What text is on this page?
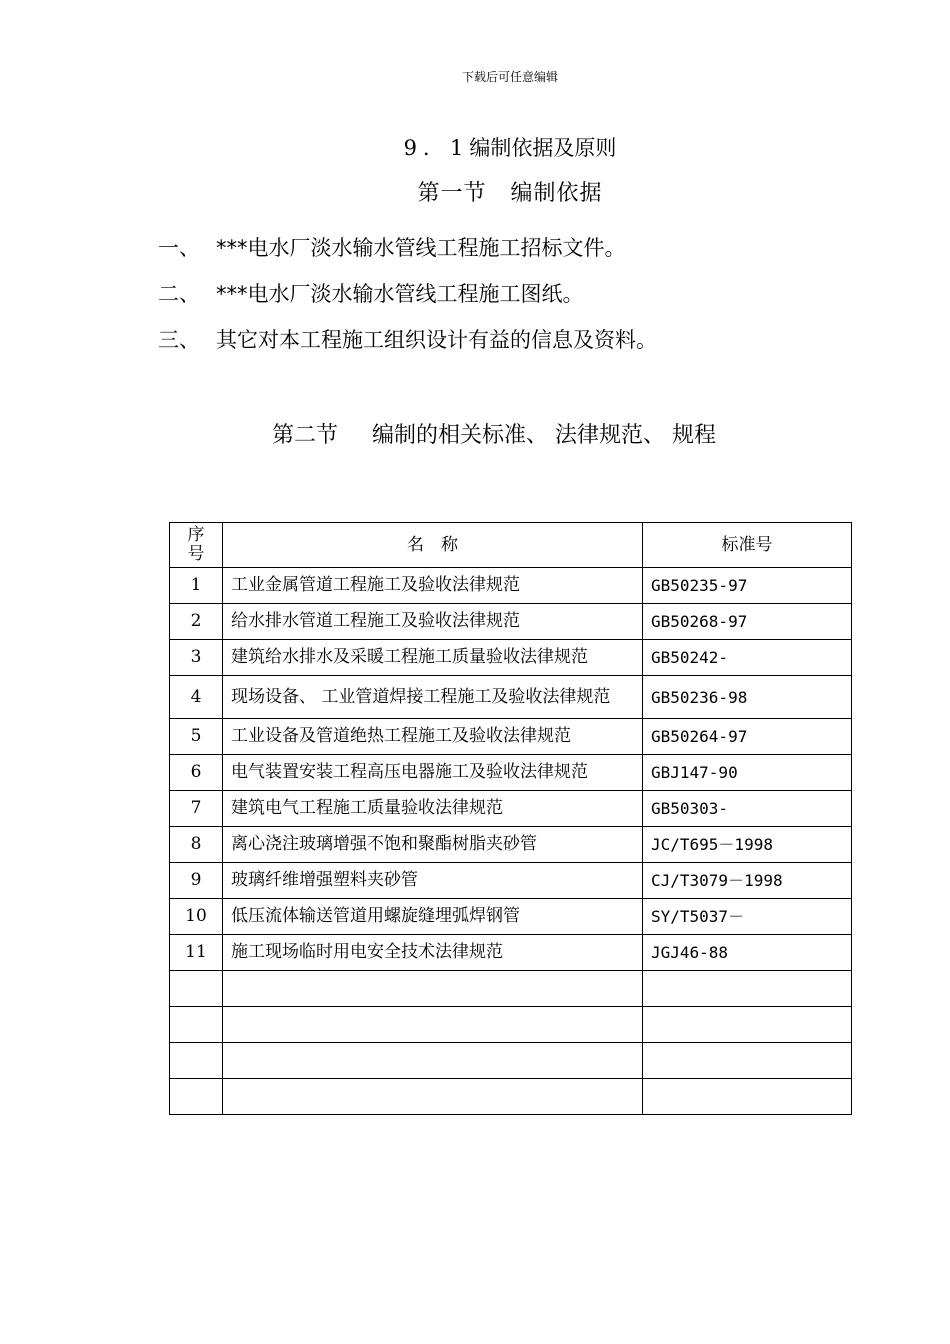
下载后可任意编辑
9．1编制依据及原则
第一节 编制依据
一、 ***电水厂淡水输水管线工程施工招标文件。
二、 ***电水厂淡水输水管线工程施工图纸。
三、 其它对本工程施工组织设计有益的信息及资料。
第二节 编制的相关标准、 法律规范、 规程
序号	名　称	标准号
1	工业金属管道工程施工及验收法律规范	GB50235-97
2	给水排水管道工程施工及验收法律规范	GB50268-97
3	建筑给水排水及采暖工程施工质量验收法律规范	GB50242-
4	现场设备、 工业管道焊接工程施工及验收法律规范	GB50236-98
5	工业设备及管道绝热工程施工及验收法律规范	GB50264-97
6	电气装置安装工程高压电器施工及验收法律规范	GBJ147-90
7	建筑电气工程施工质量验收法律规范	GB50303-
8	离心浇注玻璃增强不饱和聚酯树脂夹砂管	JC/T695－1998
9	玻璃纤维增强塑料夹砂管	CJ/T3079－1998
10	低压流体输送管道用螺旋缝埋弧焊钢管	SY/T5037－
11	施工现场临时用电安全技术法律规范	JGJ46-88
